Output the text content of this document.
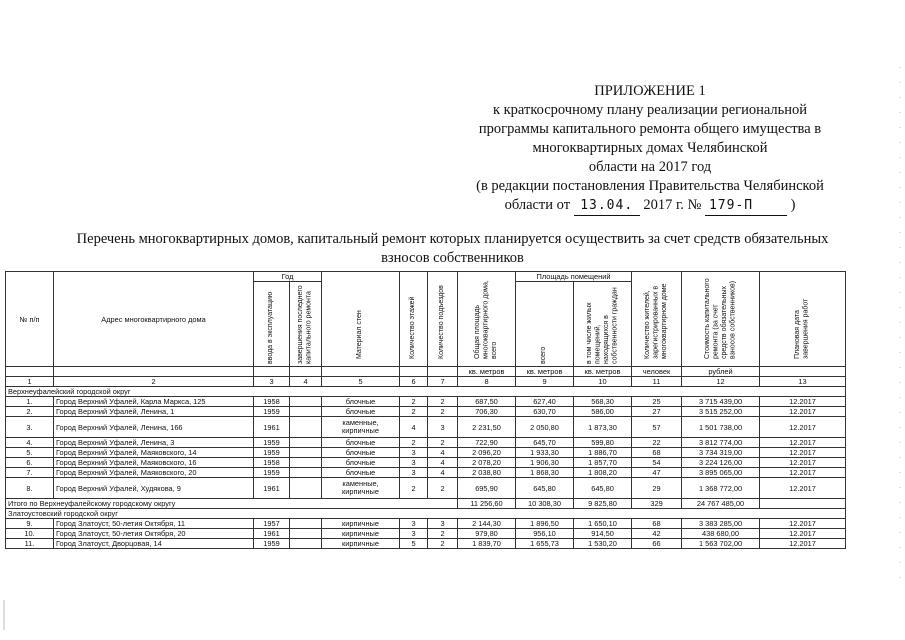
ПРИЛОЖЕНИЕ 1
к краткосрочному плану реализации региональной
программы капитального ремонта общего имущества в
многоквартирных домах Челябинской
области на 2017 год
(в редакции постановления Правительства Челябинской
области от 13.04. 2017 г. № 179-П	)
Перечень многоквартирных домов, капитальный ремонт которых планируется осуществить за счет средств обязательных
взносов собственников
№ п/п	Адрес многоквартирного дома	Год		Материал стен	Количество этажей	Количество подъездов	Общая площадь многоквартирного дома, всего	Площадь помещений		Количество жителей, зарегистрированных в многоквартирном доме	Стоимость капитального ремонта (за счет средств обязательных взносов собственников)	Плановая дата завершения работ
		ввода в эксплуатацию	завершения последнего капитального ремонта					всего	в том числе жилых помещений, находящихся в собственности граждан			
							кв. метров	кв. метров	кв. метров	человек	рублей	
1	2	3	4	5	6	7	8	9	10	11	12	13
Верхнеуфалейский городской округ												
1.	Город Верхний Уфалей, Карла Маркса, 125	1958		блочные	2	2	687,50	627,40	568,30	25	3 715 439,00	12.2017
2.	Город Верхний Уфалей, Ленина, 1	1959		блочные	2	2	706,30	630,70	586,00	27	3 515 252,00	12.2017
3.	Город Верхний Уфалей, Ленина, 166	1961		каменные, кирпичные	4	3	2 231,50	2 050,80	1 873,30	57	1 501 738,00	12.2017
4.	Город Верхний Уфалей, Ленина, 3	1959		блочные	2	2	722,90	645,70	599,80	22	3 812 774,00	12.2017
5.	Город Верхний Уфалей, Маяковского, 14	1959		блочные	3	4	2 096,20	1 933,30	1 886,70	68	3 734 319,00	12.2017
6.	Город Верхний Уфалей, Маяковского, 16	1958		блочные	3	4	2 078,20	1 906,30	1 857,70	54	3 224 126,00	12.2017
7.	Город Верхний Уфалей, Маяковского, 20	1959		блочные	3	4	2 038,80	1 868,30	1 808,20	47	3 895 065,00	12.2017
8.	Город Верхний Уфалей, Худякова, 9	1961		каменные, кирпичные	2	2	695,90	645,80	645,80	29	1 368 772,00	12.2017
Итого по Верхнеуфалейскому городскому округу							11 256,60	10 308,30	9 825,80	329	24 767 485,00	
Златоустовский городской округ												
9.	Город Златоуст, 50-летия Октября, 11	1957		кирпичные	3	3	2 144,30	1 896,50	1 650,10	68	3 383 285,00	12.2017
10.	Город Златоуст, 50-летия Октября, 20	1961		кирпичные	3	2	979,80	956,10	914,50	42	438 680,00	12.2017
11.	Город Златоуст, Дворцовая, 14	1959		кирпичные	5	2	1 839,70	1 655,73	1 530,20	66	1 563 702,00	12.2017
